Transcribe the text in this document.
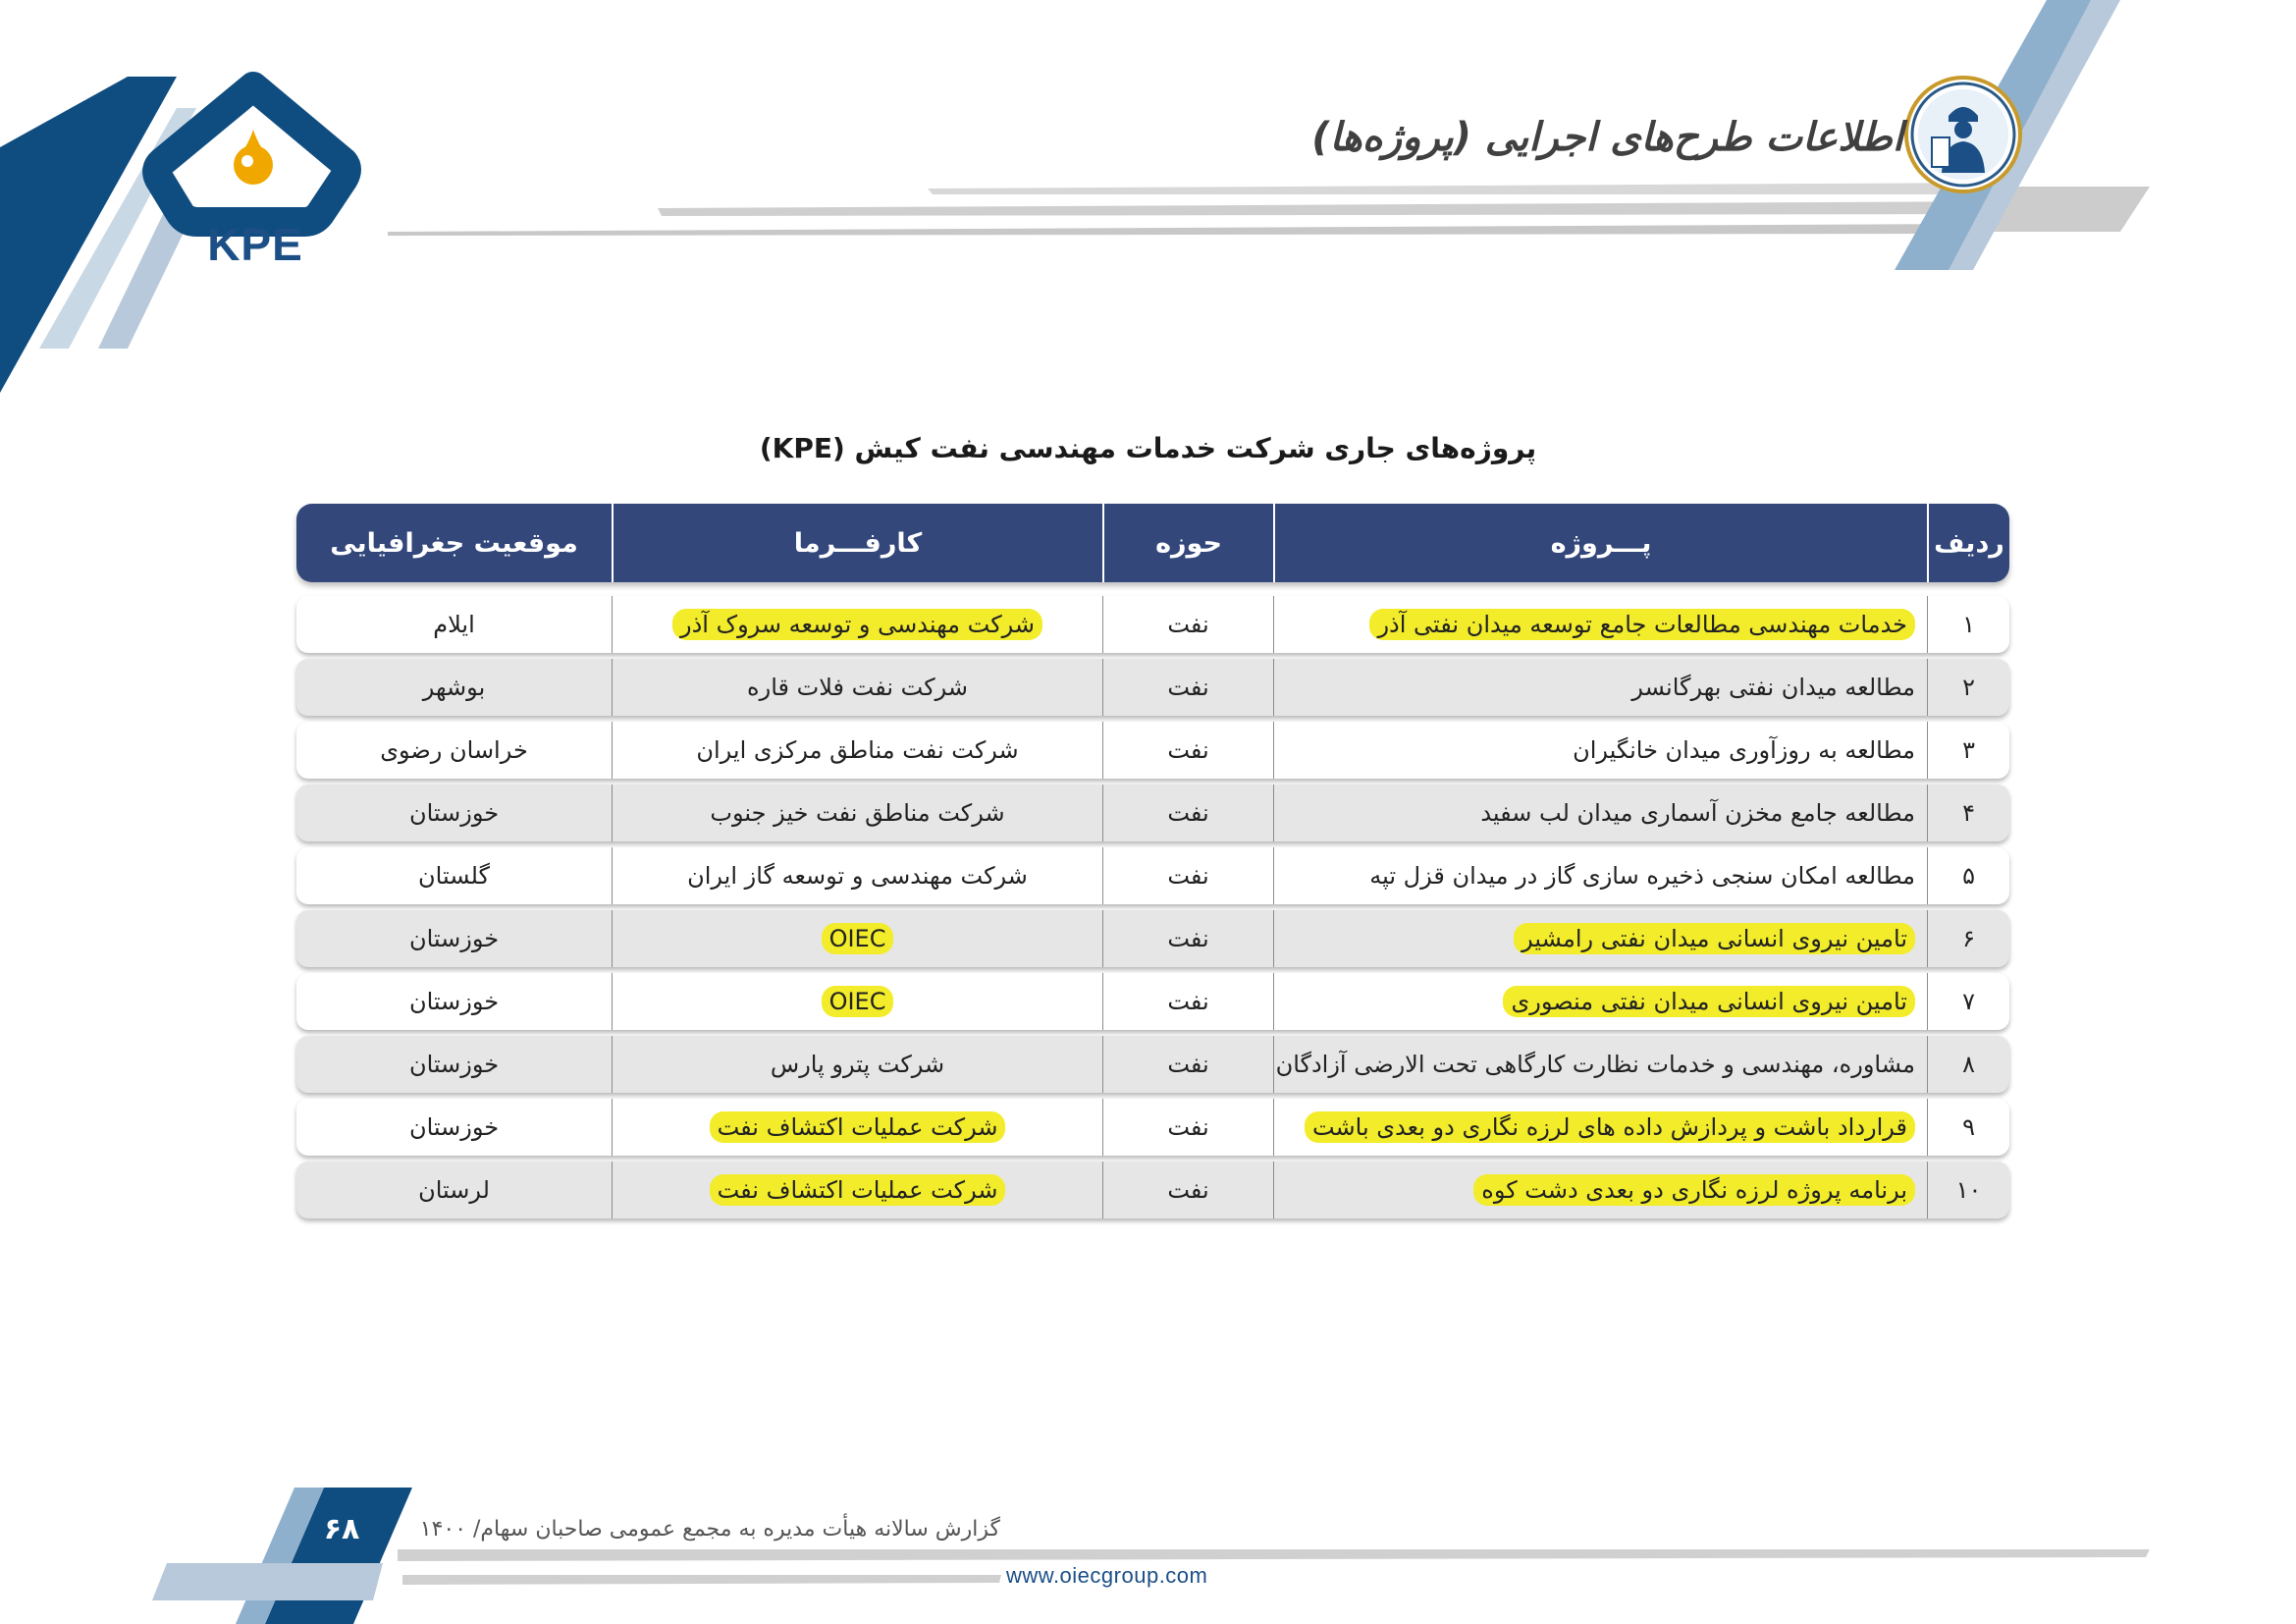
اطلاعات طرح‌های اجرایی (پروژه‌ها)
KPE
پروژه‌های جاری شرکت خدمات مهندسی نفت کیش (KPE)
ردیف
پـــروژه
حوزه
کارفـــرما
موقعیت جغرافیایی
۱
خدمات مهندسی مطالعات جامع توسعه میدان نفتی آذر
نفت
شرکت مهندسی و توسعه سروک آذر
ایلام
۲
مطالعه میدان نفتی بهرگانسر
نفت
شرکت نفت فلات قاره
بوشهر
۳
مطالعه به روزآوری میدان خانگیران
نفت
شرکت نفت مناطق مرکزی ایران
خراسان رضوی
۴
مطالعه جامع مخزن آسماری میدان لب سفید
نفت
شرکت مناطق نفت خیز جنوب
خوزستان
۵
مطالعه امکان سنجی ذخیره سازی گاز در میدان قزل تپه
نفت
شرکت مهندسی و توسعه گاز ایران
گلستان
۶
تامین نیروی انسانی میدان نفتی رامشیر
نفت
OIEC
خوزستان
۷
تامین نیروی انسانی میدان نفتی منصوری
نفت
OIEC
خوزستان
۸
مشاوره، مهندسی و خدمات نظارت کارگاهی تحت الارضی آزادگان
نفت
شرکت پترو پارس
خوزستان
۹
قرارداد باشت و پردازش داده های لرزه نگاری دو بعدی باشت
نفت
شرکت عملیات اکتشاف نفت
خوزستان
۱۰
برنامه پروژه لرزه نگاری دو بعدی دشت کوه
نفت
شرکت عملیات اکتشاف نفت
لرستان
گزارش سالانه هیأت مدیره به مجمع عمومی صاحبان سهام/ ۱۴۰۰
۶۸
www.oiecgroup.com
